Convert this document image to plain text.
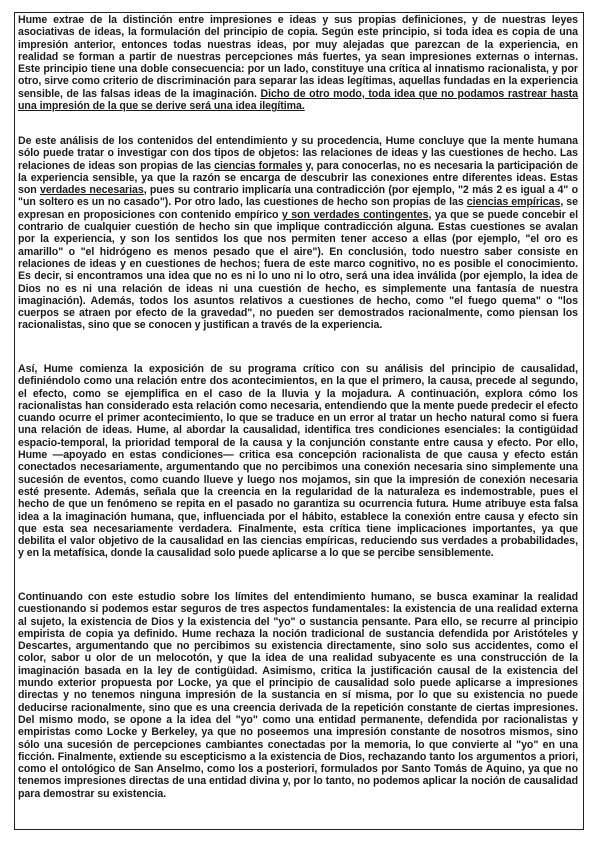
Hume extrae de la distinción entre impresiones e ideas y sus propias definiciones, y de nuestras leyes asociativas de ideas, la formulación del principio de copia. Según este principio, si toda idea es copia de una impresión anterior, entonces todas nuestras ideas, por muy alejadas que parezcan de la experiencia, en realidad se forman a partir de nuestras percepciones más fuertes, ya sean impresiones externas o internas. Este principio tiene una doble consecuencia: por un lado, constituye una crítica al innatismo racionalista, y por otro, sirve como criterio de discriminación para separar las ideas legítimas, aquellas fundadas en la experiencia sensible, de las falsas ideas de la imaginación. Dicho de otro modo, toda idea que no podamos rastrear hasta una impresión de la que se derive será una idea ilegítima.

De este análisis de los contenidos del entendimiento y su procedencia, Hume concluye que la mente humana sólo puede tratar o investigar con dos tipos de objetos: las relaciones de ideas y las cuestiones de hecho. Las relaciones de ideas son propias de las ciencias formales y, para conocerlas, no es necesaria la participación de la experiencia sensible, ya que la razón se encarga de descubrir las conexiones entre diferentes ideas. Estas son verdades necesarias, pues su contrario implicaría una contradicción (por ejemplo, "2 más 2 es igual a 4" o "un soltero es un no casado"). Por otro lado, las cuestiones de hecho son propias de las ciencias empíricas, se expresan en proposiciones con contenido empírico y son verdades contingentes, ya que se puede concebir el contrario de cualquier cuestión de hecho sin que implique contradicción alguna. Estas cuestiones se avalan por la experiencia, y son los sentidos los que nos permiten tener acceso a ellas (por ejemplo, "el oro es amarillo" o "el hidrógeno es menos pesado que el aire"). En conclusión, todo nuestro saber consiste en relaciones de ideas y en cuestiones de hechos; fuera de este marco cognitivo, no es posible el conocimiento. Es decir, si encontramos una idea que no es ni lo uno ni lo otro, será una idea inválida (por ejemplo, la idea de Dios no es ni una relación de ideas ni una cuestión de hecho, es simplemente una fantasía de nuestra imaginación). Además, todos los asuntos relativos a cuestiones de hecho, como "el fuego quema" o "los cuerpos se atraen por efecto de la gravedad", no pueden ser demostrados racionalmente, como piensan los racionalistas, sino que se conocen y justifican a través de la experiencia.

Así, Hume comienza la exposición de su programa crítico con su análisis del principio de causalidad, definiéndolo como una relación entre dos acontecimientos, en la que el primero, la causa, precede al segundo, el efecto, como se ejemplifica en el caso de la lluvia y la mojadura. A continuación, explora cómo los racionalistas han considerado esta relación como necesaria, entendiendo que la mente puede predecir el efecto cuando ocurre el primer acontecimiento, lo que se traduce en un error al tratar un hecho natural como si fuera una relación de ideas. Hume, al abordar la causalidad, identifica tres condiciones esenciales: la contigüidad espacio-temporal, la prioridad temporal de la causa y la conjunción constante entre causa y efecto. Por ello, Hume —apoyado en estas condiciones— critica esa concepción racionalista de que causa y efecto están conectados necesariamente, argumentando que no percibimos una conexión necesaria sino simplemente una sucesión de eventos, como cuando llueve y luego nos mojamos, sin que la impresión de conexión necesaria esté presente. Además, señala que la creencia en la regularidad de la naturaleza es indemostrable, pues el hecho de que un fenómeno se repita en el pasado no garantiza su ocurrencia futura. Hume atribuye esta falsa idea a la imaginación humana, que, influenciada por el hábito, establece la conexión entre causa y efecto sin que esta sea necesariamente verdadera. Finalmente, esta crítica tiene implicaciones importantes, ya que debilita el valor objetivo de la causalidad en las ciencias empíricas, reduciendo sus verdades a probabilidades, y en la metafísica, donde la causalidad solo puede aplicarse a lo que se percibe sensiblemente.

Continuando con este estudio sobre los límites del entendimiento humano, se busca examinar la realidad cuestionando si podemos estar seguros de tres aspectos fundamentales: la existencia de una realidad externa al sujeto, la existencia de Dios y la existencia del "yo" o sustancia pensante. Para ello, se recurre al principio empirista de copia ya definido. Hume rechaza la noción tradicional de sustancia defendida por Aristóteles y Descartes, argumentando que no percibimos su existencia directamente, sino solo sus accidentes, como el color, sabor u olor de un melocotón, y que la idea de una realidad subyacente es una construcción de la imaginación basada en la ley de contigüidad. Asimismo, critica la justificación causal de la existencia del mundo exterior propuesta por Locke, ya que el principio de causalidad solo puede aplicarse a impresiones directas y no tenemos ninguna impresión de la sustancia en sí misma, por lo que su existencia no puede deducirse racionalmente, sino que es una creencia derivada de la repetición constante de ciertas impresiones. Del mismo modo, se opone a la idea del "yo" como una entidad permanente, defendida por racionalistas y empiristas como Locke y Berkeley, ya que no poseemos una impresión constante de nosotros mismos, sino sólo una sucesión de percepciones cambiantes conectadas por la memoria, lo que convierte al "yo" en una ficción. Finalmente, extiende su escepticismo a la existencia de Dios, rechazando tanto los argumentos a priori, como el ontológico de San Anselmo, como los a posteriori, formulados por Santo Tomás de Aquino, ya que no tenemos impresiones directas de una entidad divina y, por lo tanto, no podemos aplicar la noción de causalidad para demostrar su existencia.
